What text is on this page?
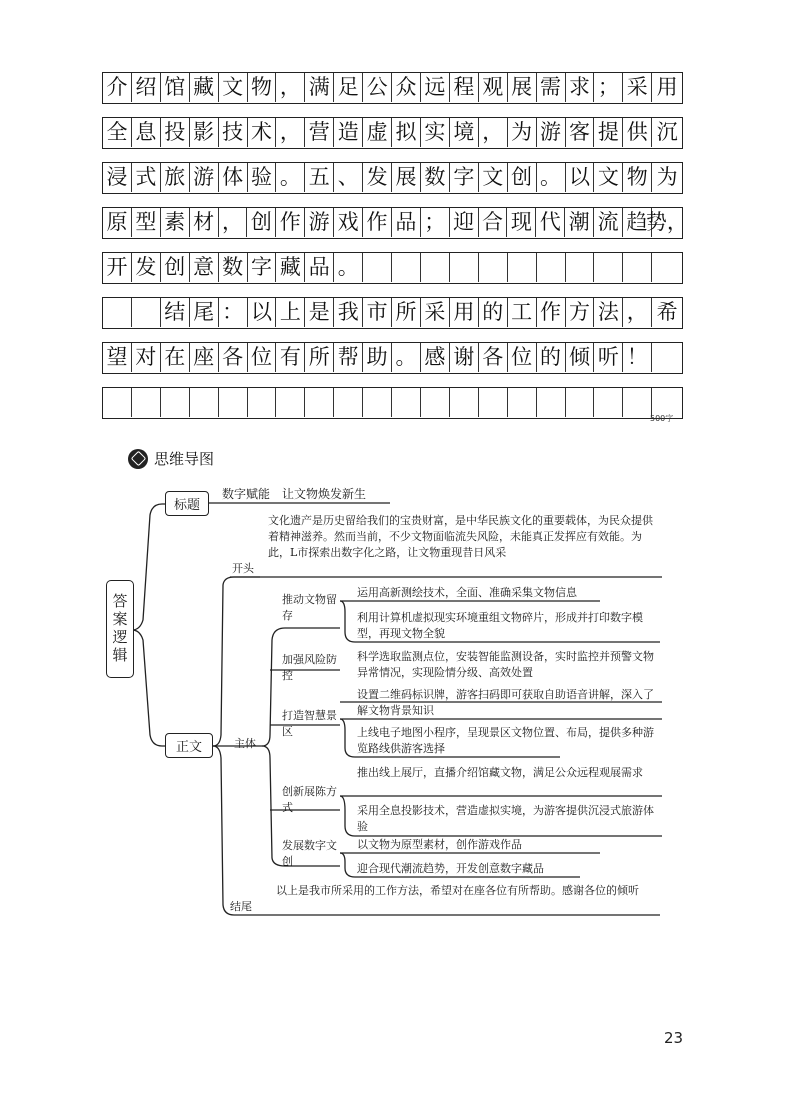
介 绍 馆 藏 文 物 ， 满 足 公 众 远 程 观 展 需 求 ； 采 用
全 息 投 影 技 术 ， 营 造 虚 拟 实 境 ， 为 游 客 提 供 沉
浸 式 旅 游 体 验 。 五 、 发 展 数 字 文 创 。 以 文 物 为
原 型 素 材 ， 创 作 游 戏 作 品 ； 迎 合 现 代 潮 流 趋
势，
开 发 创 意 数 字 藏 品 。
结 尾 ： 以 上 是 我 市 所 采 用 的 工 作 方 法 ， 希
望 对 在 座 各 位 有 所 帮 助 。 感 谢 各 位 的 倾 听 ！
500字
思维导图
答案逻辑
标题
数字赋能　让文物焕发新生
正文
开头
文化遗产是历史留给我们的宝贵财富，是中华民族文化的重要载体，为民众提供着精神滋养。然而当前，不少文物面临流失风险，未能真正发挥应有效能。为此，L市探索出数字化之路，让文物重现昔日风采
主体
结尾
以上是我市所采用的工作方法，希望对在座各位有所帮助。感谢各位的倾听
推动文物留存
运用高新测绘技术，全面、准确采集文物信息
利用计算机虚拟现实环境重组文物碎片，形成并打印数字模型，再现文物全貌
加强风险防控
科学选取监测点位，安装智能监测设备，实时监控并预警文物异常情况，实现险情分级、高效处置
打造智慧景区
设置二维码标识牌，游客扫码即可获取自助语音讲解，深入了解文物背景知识
上线电子地图小程序，呈现景区文物位置、布局，提供多种游览路线供游客选择
创新展陈方式
推出线上展厅，直播介绍馆藏文物，满足公众远程观展需求
采用全息投影技术，营造虚拟实境，为游客提供沉浸式旅游体验
发展数字文创
以文物为原型素材，创作游戏作品
迎合现代潮流趋势，开发创意数字藏品
23
